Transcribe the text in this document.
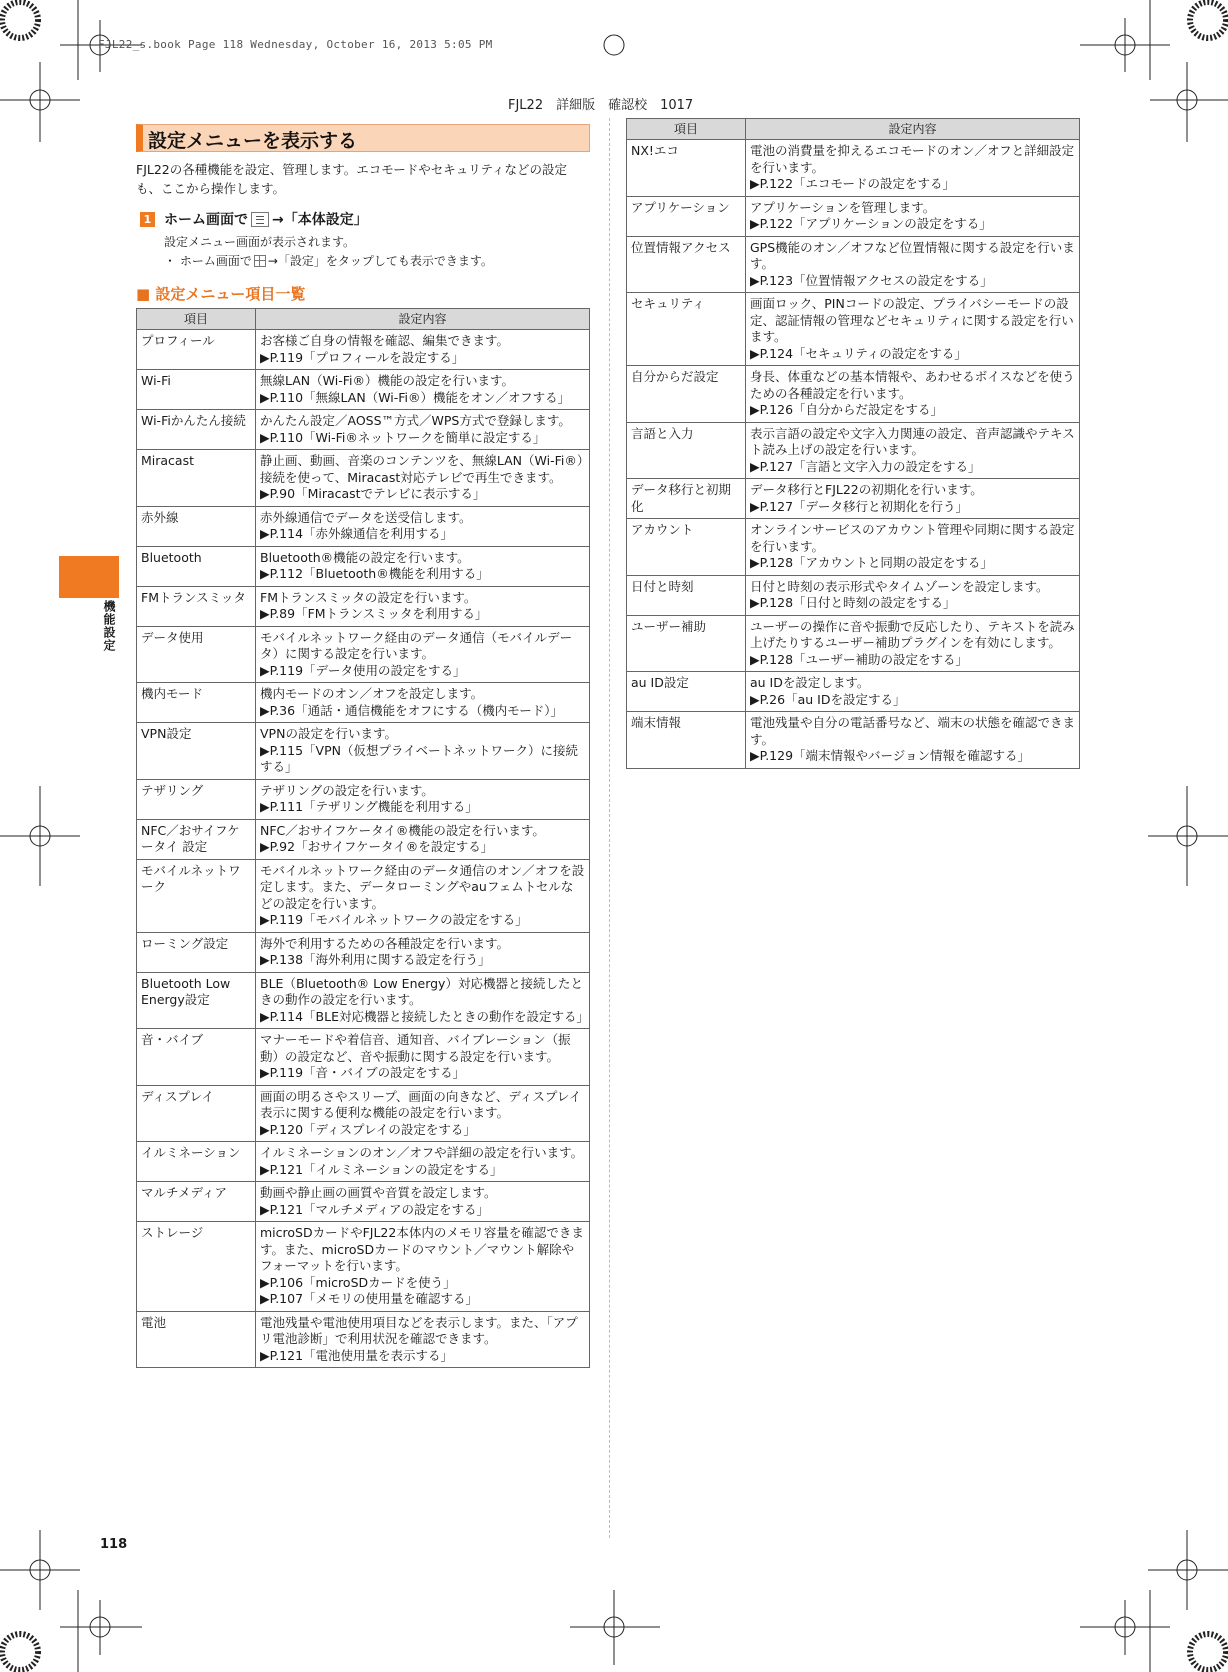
FJL22_s.book Page 118 Wednesday, October 16, 2013 5:05 PM
FJL22　詳細版　確認校　1017
機能設定
設定メニューを表示する
FJL22の各種機能を設定、管理します。エコモードやセキュリティなどの設定も、ここから操作します。
1 ホーム画面で →「本体設定」
設定メニュー画面が表示されます。
・ ホーム画面で →「設定」をタップしても表示できます。
■ 設定メニュー項目一覧
項目	設定内容
プロフィール	お客様ご自身の情報を確認、編集できます。
▶P.119「プロフィールを設定する」

Wi-Fi	無線LAN（Wi-Fi®）機能の設定を行います。
▶P.110「無線LAN（Wi-Fi®）機能をオン／オフする」

Wi-Fiかんたん接続	かんたん設定／AOSS™方式／WPS方式で登録します。
▶P.110「Wi-Fi®ネットワークを簡単に設定する」

Miracast	静止画、動画、音楽のコンテンツを、無線LAN（Wi-Fi®）接続を使って、Miracast対応テレビで再生できます。
▶P.90「Miracastでテレビに表示する」

赤外線	赤外線通信でデータを送受信します。
▶P.114「赤外線通信を利用する」

Bluetooth	Bluetooth®機能の設定を行います。
▶P.112「Bluetooth®機能を利用する」

FMトランスミッタ	FMトランスミッタの設定を行います。
▶P.89「FMトランスミッタを利用する」

データ使用	モバイルネットワーク経由のデータ通信（モバイルデータ）に関する設定を行います。
▶P.119「データ使用の設定をする」

機内モード	機内モードのオン／オフを設定します。
▶P.36「通話・通信機能をオフにする（機内モード）」

VPN設定	VPNの設定を行います。
▶P.115「VPN（仮想プライベートネットワーク）に接続する」

テザリング	テザリングの設定を行います。
▶P.111「テザリング機能を利用する」

NFC／おサイフケータイ 設定	NFC／おサイフケータイ®機能の設定を行います。
▶P.92「おサイフケータイ®を設定する」

モバイルネットワーク	モバイルネットワーク経由のデータ通信のオン／オフを設定します。また、データローミングやauフェムトセルなどの設定を行います。
▶P.119「モバイルネットワークの設定をする」

ローミング設定	海外で利用するための各種設定を行います。
▶P.138「海外利用に関する設定を行う」

Bluetooth Low Energy設定	BLE（Bluetooth® Low Energy）対応機器と接続したときの動作の設定を行います。
▶P.114「BLE対応機器と接続したときの動作を設定する」

音・バイブ	マナーモードや着信音、通知音、バイブレーション（振動）の設定など、音や振動に関する設定を行います。
▶P.119「音・バイブの設定をする」

ディスプレイ	画面の明るさやスリープ、画面の向きなど、ディスプレイ表示に関する便利な機能の設定を行います。
▶P.120「ディスプレイの設定をする」

イルミネーション	イルミネーションのオン／オフや詳細の設定を行います。
▶P.121「イルミネーションの設定をする」

マルチメディア	動画や静止画の画質や音質を設定します。
▶P.121「マルチメディアの設定をする」

ストレージ	microSDカードやFJL22本体内のメモリ容量を確認できます。また、microSDカードのマウント／マウント解除やフォーマットを行います。
▶P.106「microSDカードを使う」
▶P.107「メモリの使用量を確認する」

電池	電池残量や電池使用項目などを表示します。また、「アプリ電池診断」で利用状況を確認できます。
▶P.121「電池使用量を表示する」
項目	設定内容
NX!エコ	電池の消費量を抑えるエコモードのオン／オフと詳細設定を行います。
▶P.122「エコモードの設定をする」

アプリケーション	アプリケーションを管理します。
▶P.122「アプリケーションの設定をする」

位置情報アクセス	GPS機能のオン／オフなど位置情報に関する設定を行います。
▶P.123「位置情報アクセスの設定をする」

セキュリティ	画面ロック、PINコードの設定、プライバシーモードの設定、認証情報の管理などセキュリティに関する設定を行います。
▶P.124「セキュリティの設定をする」

自分からだ設定	身長、体重などの基本情報や、あわせるボイスなどを使うための各種設定を行います。
▶P.126「自分からだ設定をする」

言語と入力	表示言語の設定や文字入力関連の設定、音声認識やテキスト読み上げの設定を行います。
▶P.127「言語と文字入力の設定をする」

データ移行と初期化	データ移行とFJL22の初期化を行います。
▶P.127「データ移行と初期化を行う」

アカウント	オンラインサービスのアカウント管理や同期に関する設定を行います。
▶P.128「アカウントと同期の設定をする」

日付と時刻	日付と時刻の表示形式やタイムゾーンを設定します。
▶P.128「日付と時刻の設定をする」

ユーザー補助	ユーザーの操作に音や振動で反応したり、テキストを読み上げたりするユーザー補助プラグインを有効にします。
▶P.128「ユーザー補助の設定をする」

au ID設定	au IDを設定します。
▶P.26「au IDを設定する」

端末情報	電池残量や自分の電話番号など、端末の状態を確認できます。
▶P.129「端末情報やバージョン情報を確認する」
118
